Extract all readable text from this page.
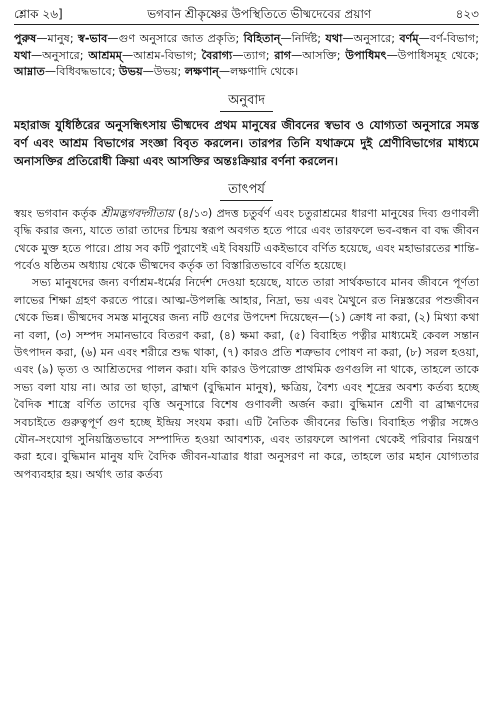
শ্লোক ২৬]	ভগবান শ্রীকৃষ্ণের উপস্থিতিতে ভীষ্মদেবের প্রয়াণ	৪২৩
পুরুষ—মানুষ; স্ব-ভাব—গুণ অনুসারে জাত প্রকৃতি; বিহিতান্—নির্দিষ্ট; যথা—অনুসারে; বর্ণম্—বর্ণ-বিভাগ; যথা—অনুসারে; আশ্রমম্—আশ্রম-বিভাগ; বৈরাগ্য—ত্যাগ; রাগ—আসক্তি; উপাধিমৎ—উপাধিসমূহ থেকে; আম্নাত—বিধিবদ্ধভাবে; উভয়—উভয়; লক্ষণান্—লক্ষণাদি থেকে।
অনুবাদ
মহারাজ যুধিষ্ঠিরের অনুসন্ধিৎসায় ভীষ্মদেব প্রথম মানুষের জীবনের স্বভাব ও যোগ্যতা অনুসারে সমস্ত বর্ণ এবং আশ্রম বিভাগের সংজ্ঞা বিবৃত করলেন। তারপর তিনি যথাক্রমে দুই শ্রেণীবিভাগের মাধ্যমে অনাসক্তির প্রতিরোধী ক্রিয়া এবং আসক্তির অন্তঃক্রিয়ার বর্ণনা করলেন।
তাৎপর্য

স্বয়ং ভগবান কর্তৃক শ্রীমদ্ভগবদ্গীতায় (৪/১৩) প্রদত্ত চতুর্বর্ণ এবং চতুরাশ্রমের ধারণা মানুষের দিব্য গুণাবলী বৃদ্ধি করার জন্য, যাতে তারা তাদের চিন্ময় স্বরূপ অবগত হতে পারে এবং তারফলে ভব-বন্ধন বা বদ্ধ জীবন থেকে মুক্ত হতে পারে। প্রায় সব কটি পুরাণেই এই বিষয়টি একইভাবে বর্ণিত হয়েছে, এবং মহাভারতের শান্তি-পর্বেও ষষ্ঠিতম অধ্যায় থেকে ভীষ্মদেব কর্তৃক তা বিস্তারিতভাবে বর্ণিত হয়েছে।

সভ্য মানুষদের জন্য বর্ণাশ্রম-ধর্মের নির্দেশ দেওয়া হয়েছে, যাতে তারা সার্থকভাবে মানব জীবনে পূর্ণতা লাভের শিক্ষা গ্রহণ করতে পারে। আত্ম-উপলব্ধি আহার, নিদ্রা, ভয় এবং মৈথুনে রত নিম্নস্তরের পশুজীবন থেকে ভিন্ন। ভীষ্মদেব সমস্ত মানুষের জন্য নটি গুণের উপদেশ দিয়েছেন—(১) ক্রোধ না করা, (২) মিথ্যা কথা না বলা, (৩) সম্পদ সমানভাবে বিতরণ করা, (৪) ক্ষমা করা, (৫) বিবাহিত পত্নীর মাধ্যমেই কেবল সন্তান উৎপাদন করা, (৬) মন এবং শরীরে শুদ্ধ থাকা, (৭) কারও প্রতি শত্রুভাব পোষণ না করা, (৮) সরল হওয়া, এবং (৯) ভৃত্য ও আশ্রিতদের পালন করা। যদি কারও উপরোক্ত প্রাথমিক গুণগুলি না থাকে, তাহলে তাকে সভ্য বলা যায় না। আর তা ছাড়া, ব্রাহ্মণ (বুদ্ধিমান মানুষ), ক্ষত্রিয়, বৈশ্য এবং শূদ্রের অবশ্য কর্তব্য হচ্ছে বৈদিক শাস্ত্রে বর্ণিত তাদের বৃত্তি অনুসারে বিশেষ গুণাবলী অর্জন করা। বুদ্ধিমান শ্রেণী বা ব্রাহ্মণদের সবচাইতে গুরুত্বপূর্ণ গুণ হচ্ছে ইন্দ্রিয় সংযম করা। এটি নৈতিক জীবনের ভিত্তি। বিবাহিত পত্নীর সঙ্গেও যৌন-সংযোগ সুনিয়ন্ত্রিতভাবে সম্পাদিত হওয়া আবশ্যক, এবং তারফলে আপনা থেকেই পরিবার নিয়ন্ত্রণ করা হবে। বুদ্ধিমান মানুষ যদি বৈদিক জীবন-যাত্রার ধারা অনুসরণ না করে, তাহলে তার মহান যোগ্যতার অপব্যবহার হয়। অর্থাৎ তার কর্তব্য
